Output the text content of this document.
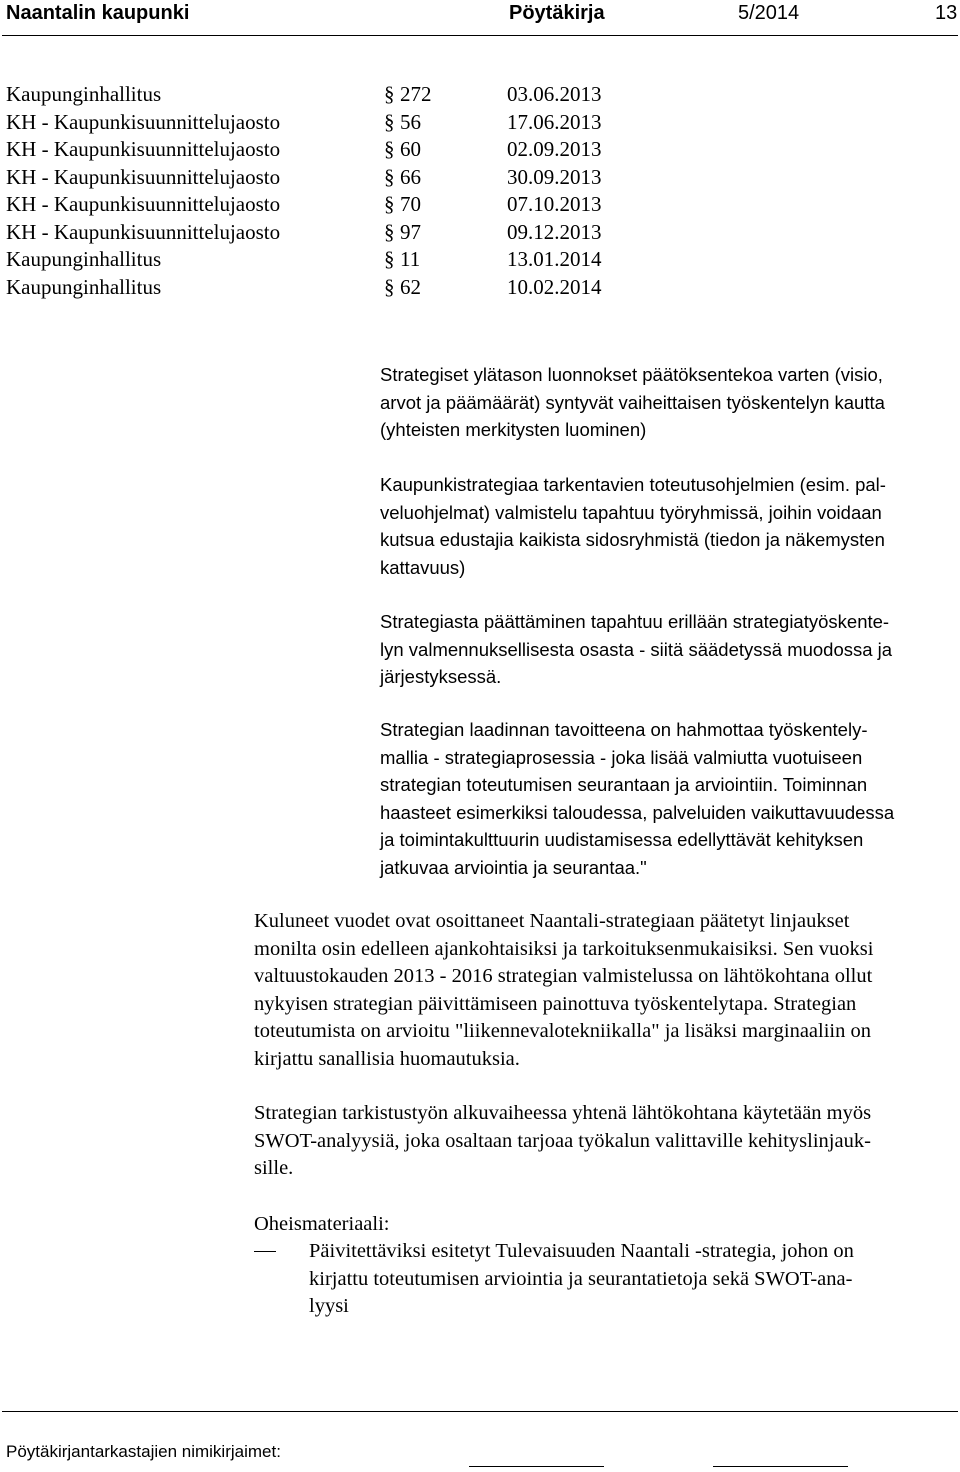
Naantalin kaupunki	Pöytäkirja	5/2014	13
Kaupunginhallitus	§ 272	03.06.2013
KH - Kaupunkisuunnittelujaosto	§ 56	17.06.2013
KH - Kaupunkisuunnittelujaosto	§ 60	02.09.2013
KH - Kaupunkisuunnittelujaosto	§ 66	30.09.2013
KH - Kaupunkisuunnittelujaosto	§ 70	07.10.2013
KH - Kaupunkisuunnittelujaosto	§ 97	09.12.2013
Kaupunginhallitus	§ 11	13.01.2014
Kaupunginhallitus	§ 62	10.02.2014
Strategiset ylätason luonnokset päätöksentekoa varten (visio,
arvot ja päämäärät) syntyvät vaiheittaisen työskentelyn kautta
(yhteisten merkitysten luominen)
Kaupunkistrategiaa tarkentavien toteutusohjelmien (esim. pal-
veluohjelmat) valmistelu tapahtuu työryhmissä, joihin voidaan
kutsua edustajia kaikista sidosryhmistä (tiedon ja näkemysten
kattavuus)
Strategiasta päättäminen tapahtuu erillään strategiatyöskente-
lyn valmennuksellisesta osasta - siitä säädetyssä muodossa ja
järjestyksessä.
Strategian laadinnan tavoitteena on hahmottaa työskentely-
mallia - strategiaprosessia - joka lisää valmiutta vuotuiseen
strategian toteutumisen seurantaan ja arviointiin. Toiminnan
haasteet esimerkiksi taloudessa, palveluiden vaikuttavuudessa
ja toimintakulttuurin uudistamisessa edellyttävät kehityksen
jatkuvaa arviointia ja seurantaa."
Kuluneet vuodet ovat osoittaneet Naantali-strategiaan päätetyt linjaukset
monilta osin edelleen ajankohtaisiksi ja tarkoituksenmukaisiksi. Sen vuoksi
valtuustokauden 2013 - 2016 strategian valmistelussa on lähtökohtana ollut
nykyisen strategian päivittämiseen painottuva työskentelytapa. Strategian
toteutumista on arvioitu "liikennevalotekniikalla" ja lisäksi marginaaliin on
kirjattu sanallisia huomautuksia.
Strategian tarkistustyön alkuvaiheessa yhtenä lähtökohtana käytetään myös
SWOT-analyysiä, joka osaltaan tarjoaa työkalun valittaville kehityslinjauk-
sille.
Oheismateriaali:
Päivitettäviksi esitetyt Tulevaisuuden Naantali -strategia, johon on
kirjattu toteutumisen arviointia ja seurantatietoja sekä SWOT-ana-
lyysi
Pöytäkirjantarkastajien nimikirjaimet:
